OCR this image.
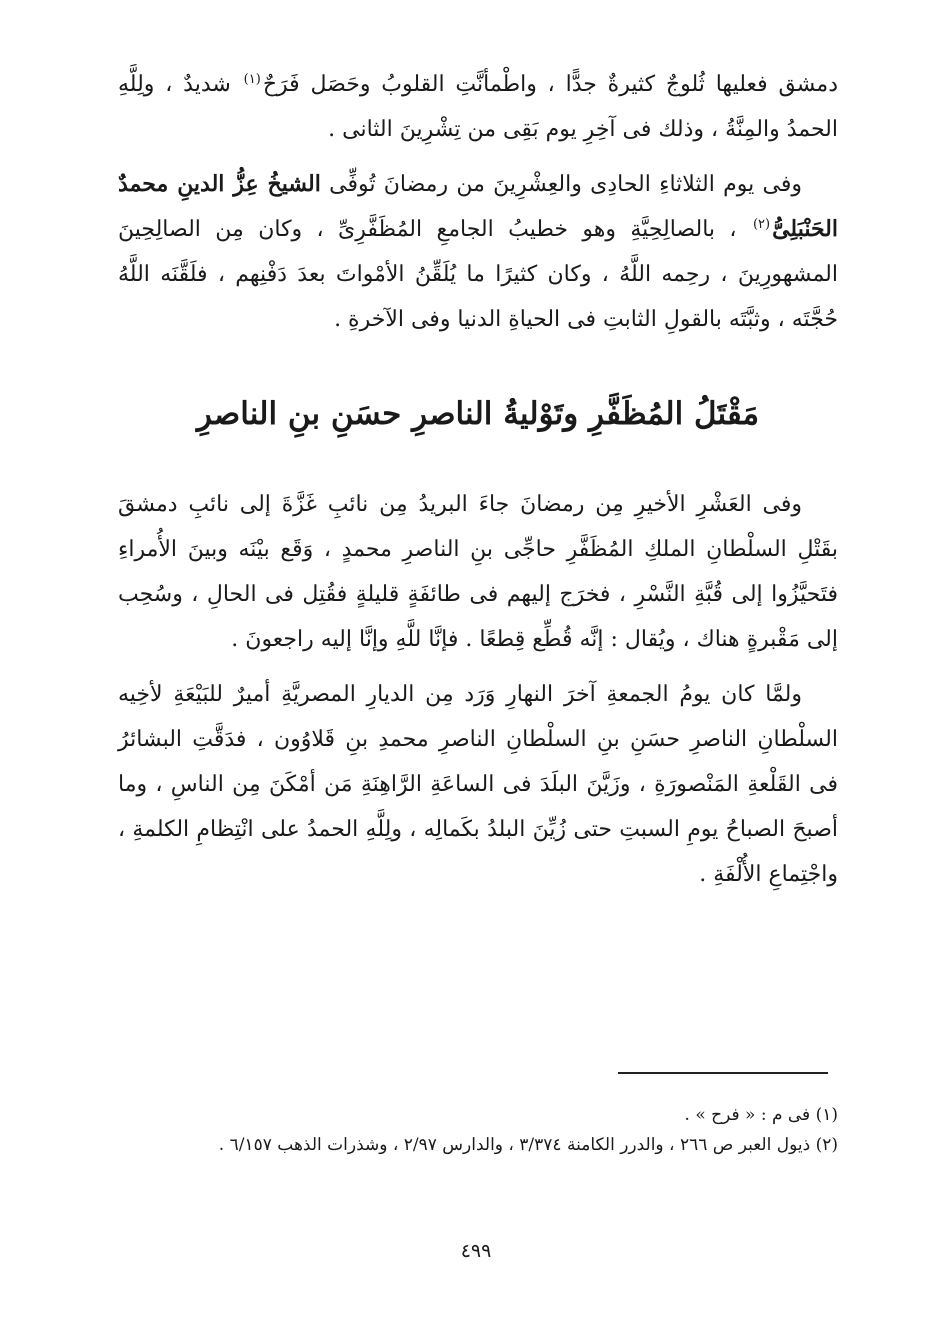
دمشق فعليها ثُلوجٌ كثيرةٌ جدًّا ، واطْمأنَّتِ القلوبُ وحَصَل فَرَحٌ$^{(١)}$ شديدٌ ، ولِلَّهِ الحمدُ والمِنَّةُ ، وذلك فى آخِرِ يوم بَقِى من تِشْرِينَ الثانى .

وفى يوم الثلاثاءِ الحادِى والعِشْرِينَ من رمضانَ تُوفِّى الشيخُ عِزُّ الدينِ محمدٌ الحَنْبَلِىُّ$^{(٢)}$ ، بالصالِحِيَّةِ وهو خطيبُ الجامعِ المُظَفَّرِىِّ ، وكان مِن الصالِحِينَ المشهورِينَ ، رحِمه اللَّهُ ، وكان كثيرًا ما يُلَقِّنُ الأمْواتَ بعدَ دَفْنِهم ، فلَقَّنَه اللَّهُ حُجَّتَه ، وثبَّتَه بالقولِ الثابتِ فى الحياةِ الدنيا وفى الآخرةِ .

مَقْتَلُ المُظَفَّرِ وتَوْليةُ الناصرِ حسَنِ بنِ الناصرِ

وفى العَشْرِ الأخيرِ مِن رمضانَ جاءَ البريدُ مِن نائبِ غَزَّةَ إلى نائبِ دمشقَ بقَتْلِ السلْطانِ الملكِ المُظَفَّرِ حاجِّى بنِ الناصرِ محمدٍ ، وَقَع بيْنَه وبينَ الأُمراءِ فتَحيَّزُوا إلى قُبَّةِ النَّسْرِ ، فخرَج إليهم فى طائفَةٍ قليلةٍ فقُتِل فى الحالِ ، وسُحِب إلى مَقْبرةٍ هناك ، ويُقال : إنَّه قُطِّع قِطعًا . فإنَّا للَّهِ وإنَّا إليه راجعونَ .

ولمَّا كان يومُ الجمعةِ آخرَ النهارِ وَرَد مِن الديارِ المصريَّةِ أميرٌ للبَيْعَةِ لأخِيه السلْطانِ الناصرِ حسَنِ بنِ السلْطانِ الناصرِ محمدِ بنِ قَلاوُون ، فدَقَّتِ البشائرُ فى القَلْعةِ المَنْصورَةِ ، وزَيَّنَ البلَدَ فى الساعَةِ الرَّاهِنَةِ مَن أمْكَنَ مِن الناسِ ، وما أصبحَ الصباحُ يومِ السبتِ حتى زُيِّنَ البلدُ بكَمالِه ، ولِلَّهِ الحمدُ على انْتِظامِ الكلمةِ ، واجْتِماعِ الأُلْفَةِ .

(١) فى م : « فرح » .
(٢) ذيول العبر ص ٢٦٦ ، والدرر الكامنة ٣/٣٧٤ ، والدارس ٢/٩٧ ، وشذرات الذهب ٦/١٥٧ .
٤٩٩
